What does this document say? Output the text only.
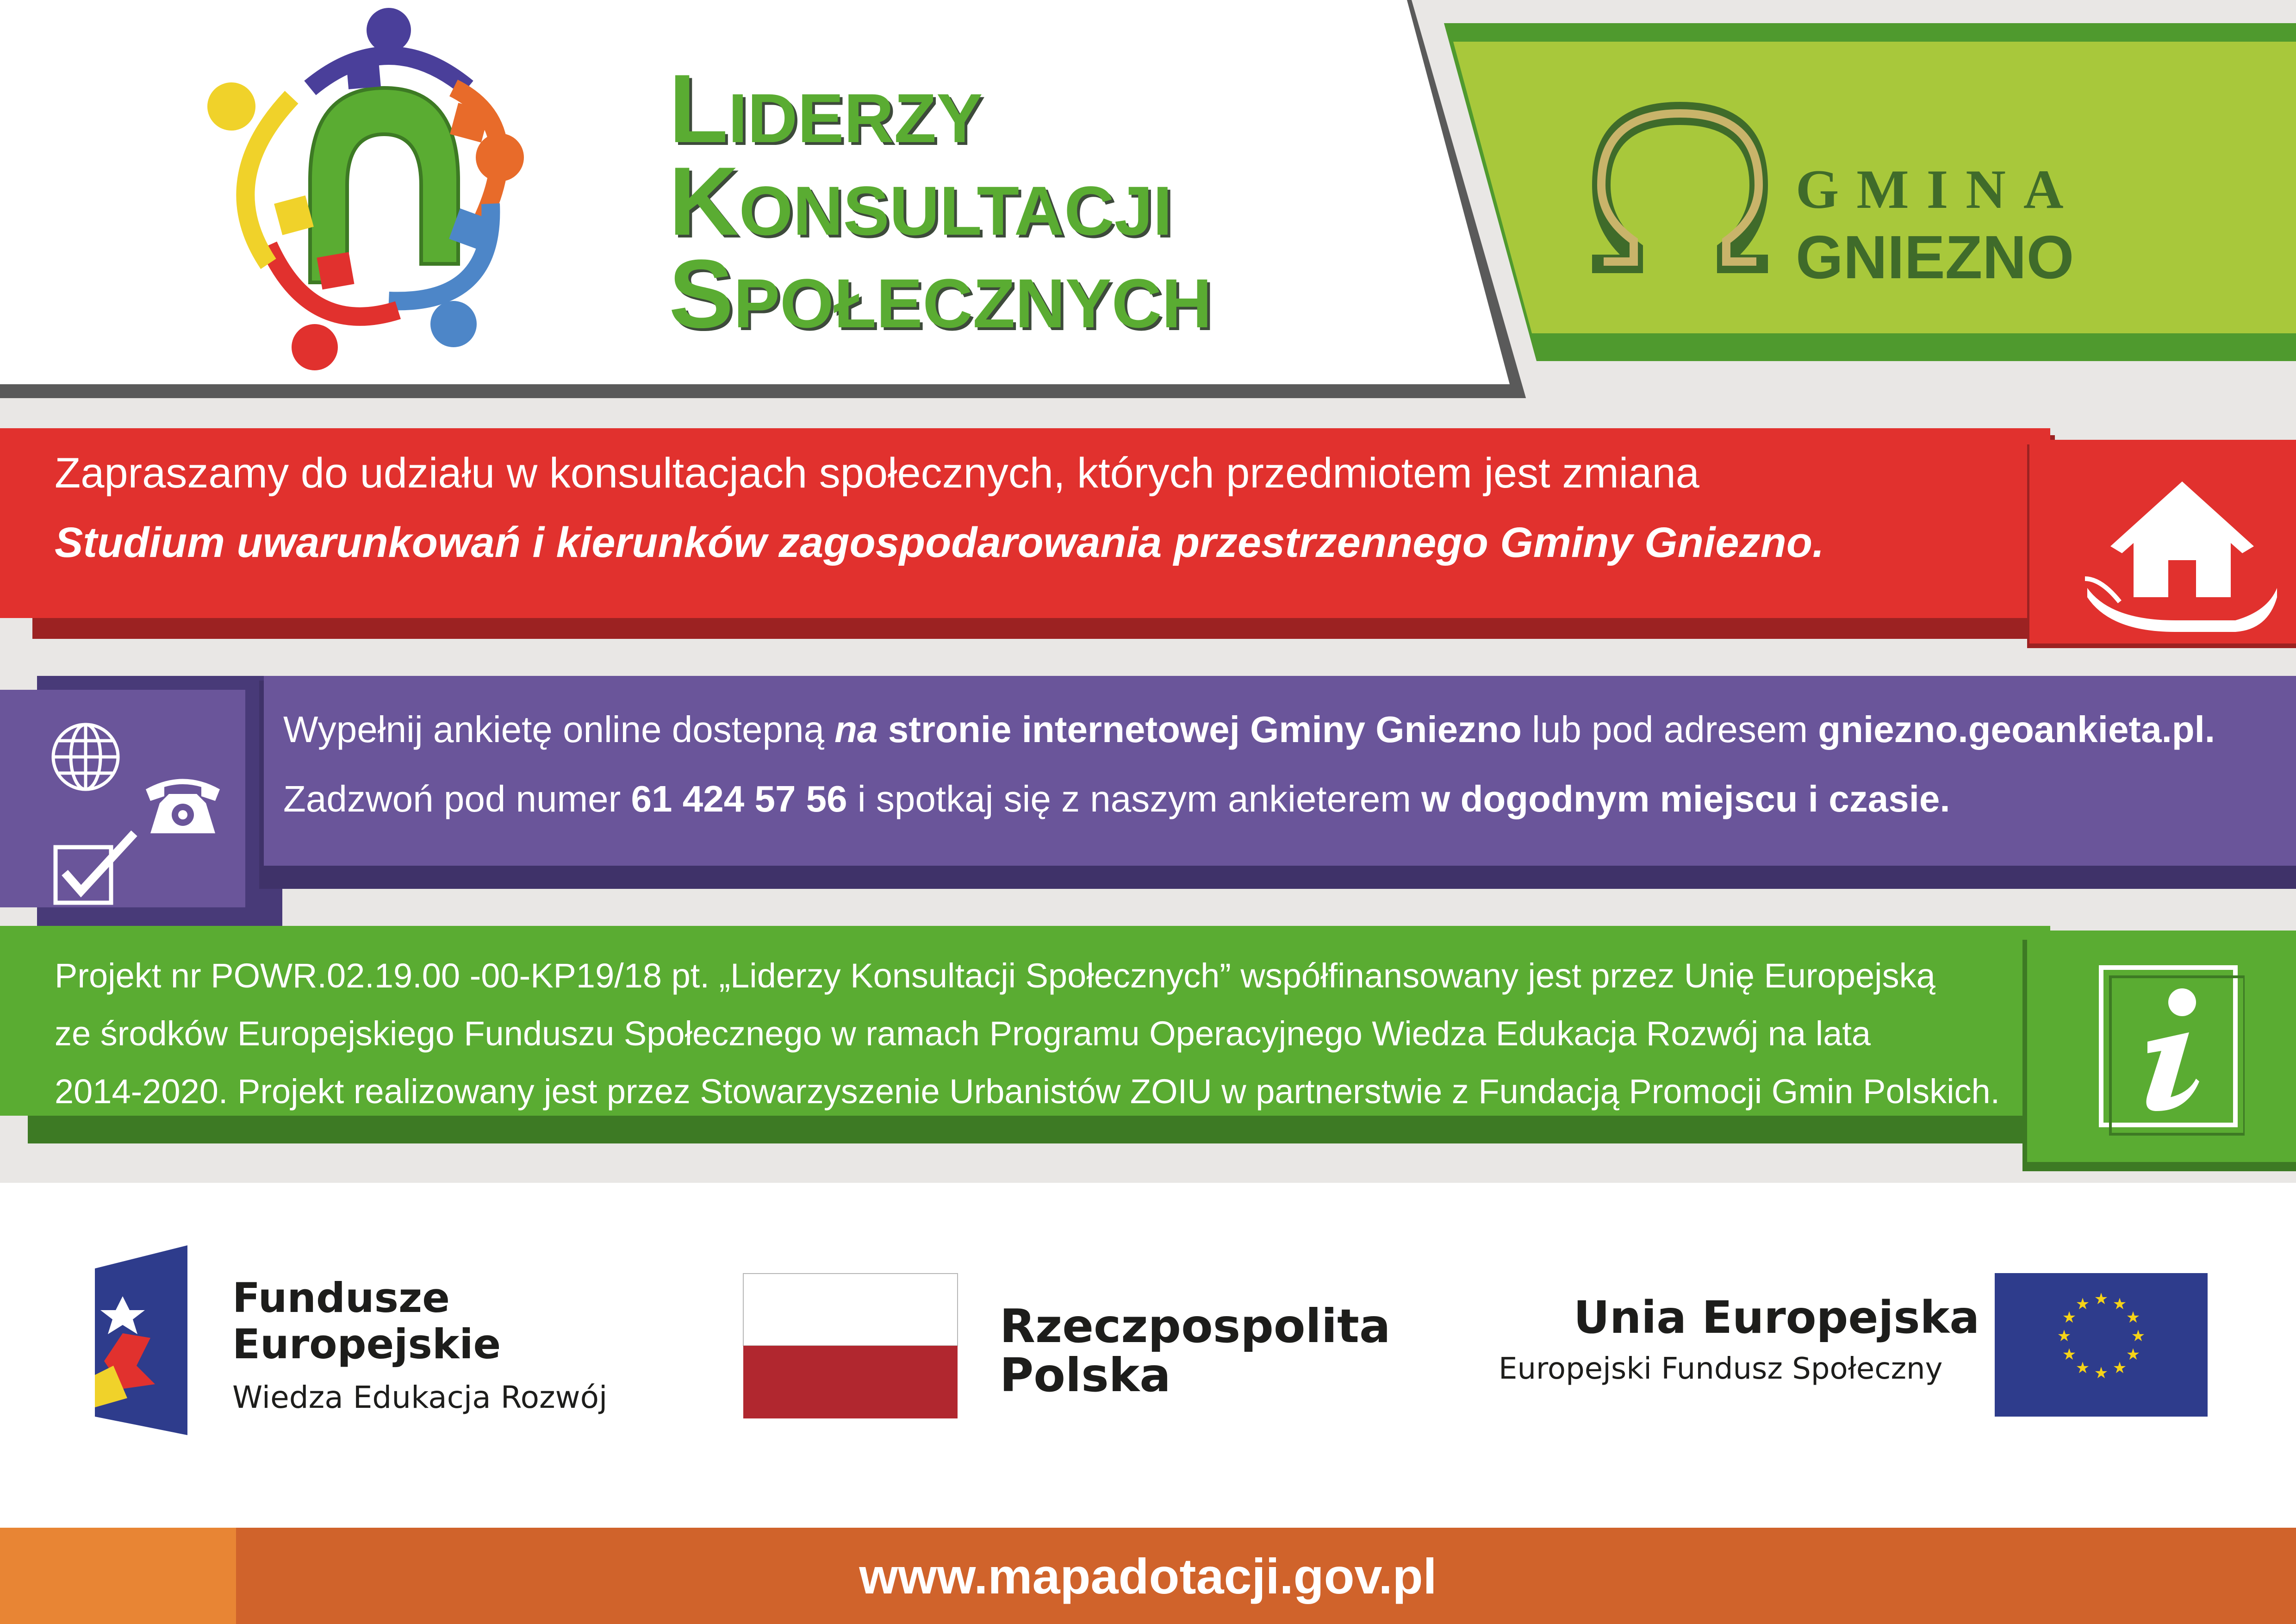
LIDERZY
KONSULTACJI
SPOŁECZNYCH
GMINA
GNIEZNO
Zapraszamy do udziału w konsultacjach społecznych, których przedmiotem jest zmiana
Studium uwarunkowań i kierunków zagospodarowania przestrzennego Gminy Gniezno.
Wypełnij ankietę online dostepną na stronie internetowej Gminy Gniezno lub pod adresem gniezno.geoankieta.pl.
Zadzwoń pod numer 61 424 57 56 i spotkaj się z naszym ankieterem w dogodnym miejscu i czasie.
Projekt nr POWR.02.19.00 -00-KP19/18 pt. „Liderzy Konsultacji Społecznych” współfinansowany jest przez Unię Europejską
ze środków Europejskiego Funduszu Społecznego w ramach Programu Operacyjnego Wiedza Edukacja Rozwój na lata
2014-2020. Projekt realizowany jest przez Stowarzyszenie Urbanistów ZOIU w partnerstwie z Fundacją Promocji Gmin Polskich.
Fundusze
Europejskie
Wiedza Edukacja Rozwój
Rzeczpospolita
Polska
Unia Europejska
Europejski Fundusz Społeczny
★ ★
★
★
★
★
★
★
★
★
★
★
www.mapadotacji.gov.pl
